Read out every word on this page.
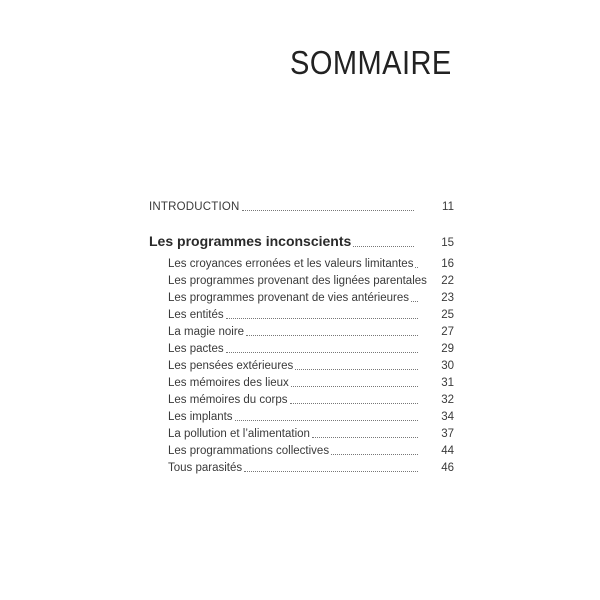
SOMMAIRE
INTRODUCTION	11
Les programmes inconscients	15
Les croyances erronées et les valeurs limitantes	16
Les programmes provenant des lignées parentales 22
Les programmes provenant de vies antérieures	23
Les entités	25
La magie noire	27
Les pactes	29
Les pensées extérieures	30
Les mémoires des lieux	31
Les mémoires du corps	32
Les implants	34
La pollution et l’alimentation	37
Les programmations collectives	44
Tous parasités	46
